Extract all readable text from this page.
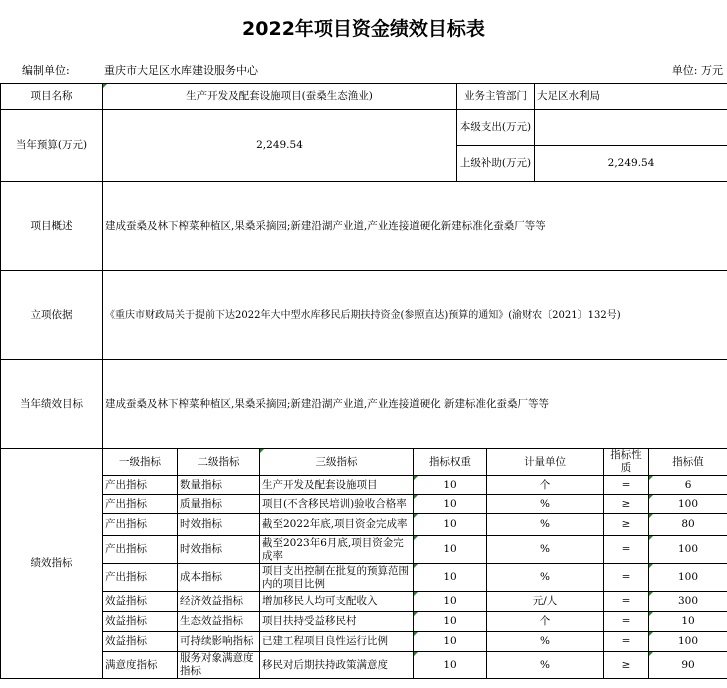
2022年项目资金绩效目标表
编制单位:	重庆市大足区水库建设服务中心	单位: 万元
项目名称	生产开发及配套设施项目(蚕桑生态渔业)				业务主管部门		大足区水利局		
当年预算(万元)	2,249.54				本级支出(万元)				
					上级补助(万元)		2,249.54		
项目概述	建成蚕桑及林下榨菜种植区,果桑采摘园;新建沿湖产业道,产业连接道硬化新建标准化蚕桑厂等等								
立项依据	《重庆市财政局关于提前下达2022年大中型水库移民后期扶持资金(参照直达)预算的通知》(渝财农〔2021〕132号)								
当年绩效目标	建成蚕桑及林下榨菜种植区,果桑采摘园;新建沿湖产业道,产业连接道硬化 新建标准化蚕桑厂等等								
绩效指标	一级指标	二级指标	三级指标	指标权重		计量单位		指标性质	指标值
	产出指标	数量指标	生产开发及配套设施项目	10		个		=	6
	产出指标	质量指标	项目(不含移民培训)验收合格率	10		%		≥	100
	产出指标	时效指标	截至2022年底,项目资金完成率	10		%		≥	80
	产出指标	时效指标	截至2023年6月底,项目资金完成率	10		%		=	100
	产出指标	成本指标	项目支出控制在批复的预算范围内的项目比例	10		%		=	100
	效益指标	经济效益指标	增加移民人均可支配收入	10		元/人		=	300
	效益指标	生态效益指标	项目扶持受益移民村	10		个		=	10
	效益指标	可持续影响指标	已建工程项目良性运行比例	10		%		=	100
	满意度指标	服务对象满意度指标	移民对后期扶持政策满意度	10		%		≥	90
